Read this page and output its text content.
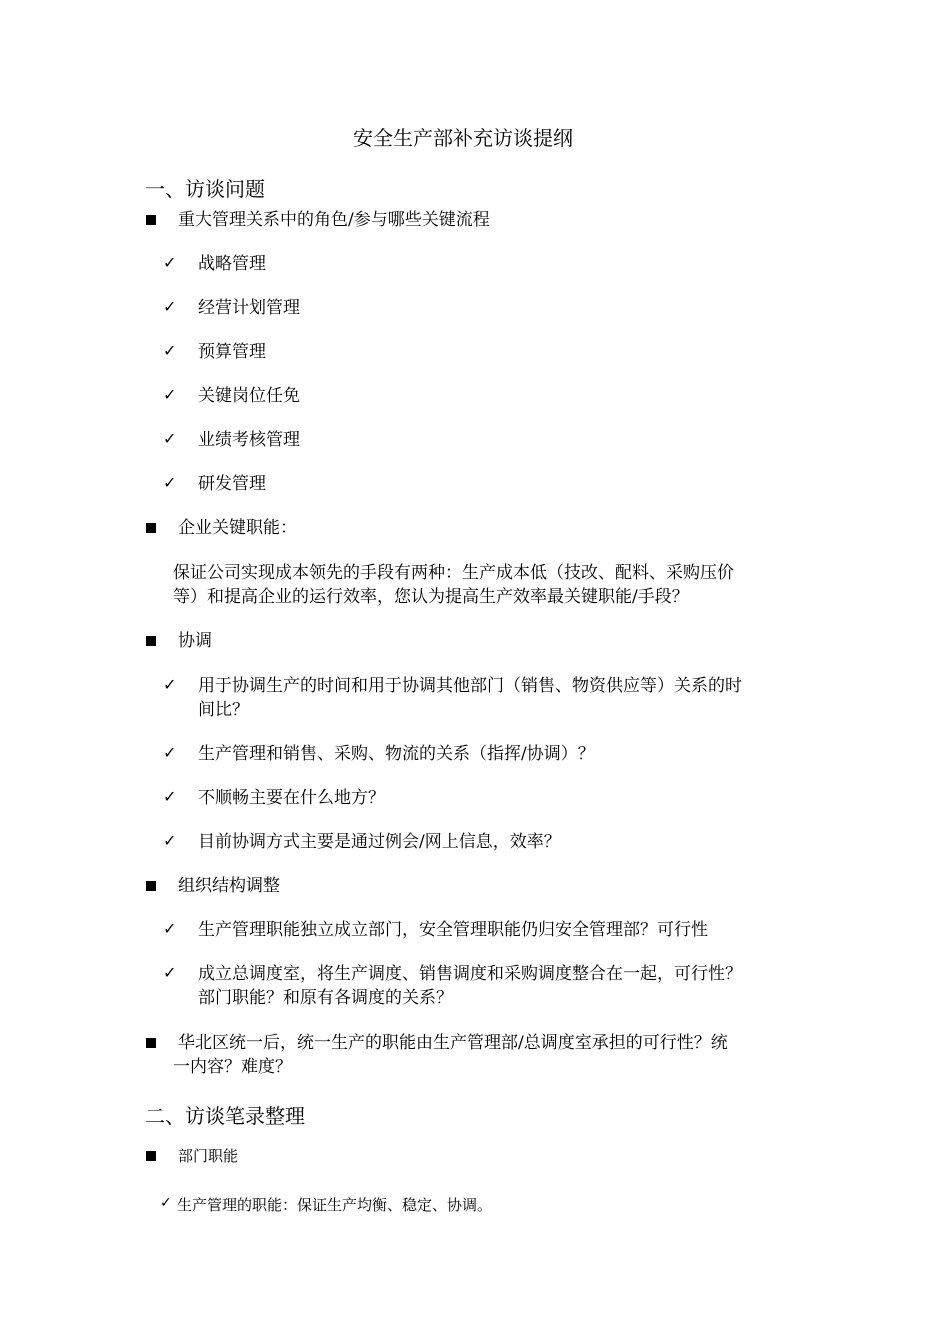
安全生产部补充访谈提纲
一、访谈问题
重大管理关系中的角色/参与哪些关键流程
✓ 战略管理
✓ 经营计划管理
✓ 预算管理
✓ 关键岗位任免
✓ 业绩考核管理
✓ 研发管理
企业关键职能：
保证公司实现成本领先的手段有两种：生产成本低（技改、配料、采购压价
等）和提高企业的运行效率，您认为提高生产效率最关键职能/手段？
协调
✓ 用于协调生产的时间和用于协调其他部门（销售、物资供应等）关系的时
间比？
✓ 生产管理和销售、采购、物流的关系（指挥/协调）？
✓ 不顺畅主要在什么地方？
✓ 目前协调方式主要是通过例会/网上信息，效率？
组织结构调整
✓ 生产管理职能独立成立部门，安全管理职能仍归安全管理部？可行性
✓ 成立总调度室，将生产调度、销售调度和采购调度整合在一起，可行性？
部门职能？和原有各调度的关系？
华北区统一后，统一生产的职能由生产管理部/总调度室承担的可行性？统
一内容？难度？
二、访谈笔录整理
部门职能
✓ 生产管理的职能：保证生产均衡、稳定、协调。
